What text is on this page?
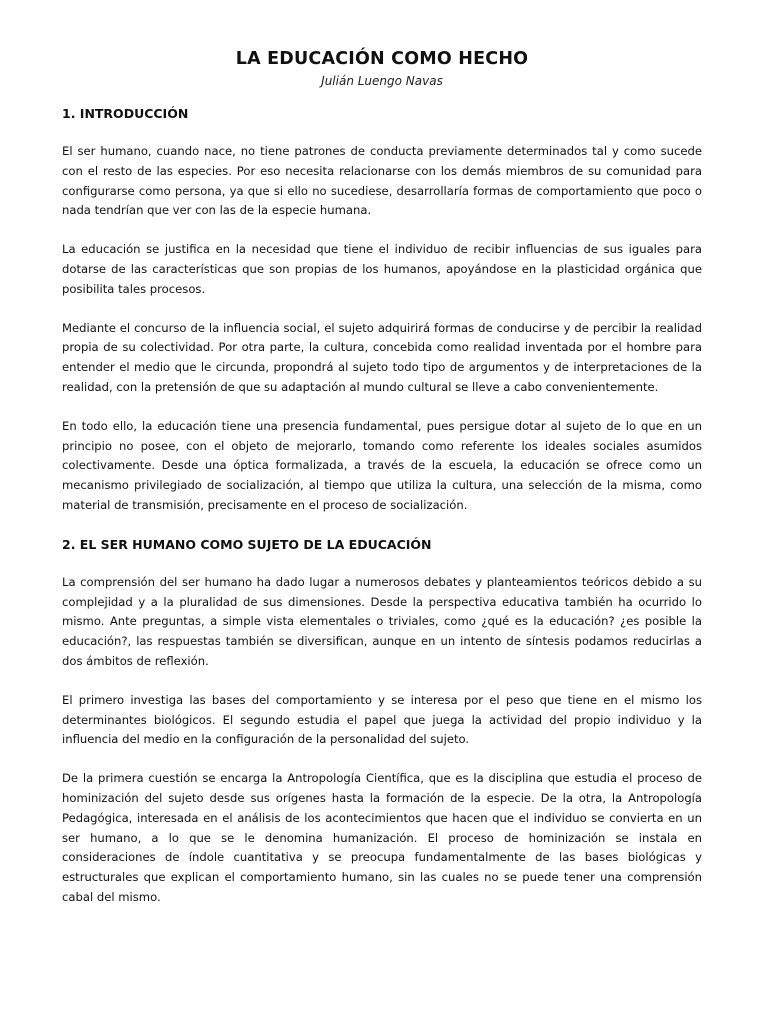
LA EDUCACIÓN COMO HECHO

Julián Luengo Navas

1. INTRODUCCIÓN

El ser humano, cuando nace, no tiene patrones de conducta previamente determinados tal y como sucede con el resto de las especies. Por eso necesita relacionarse con los demás miembros de su comunidad para configurarse como persona, ya que si ello no sucediese, desarrollaría formas de comportamiento que poco o nada tendrían que ver con las de la especie humana.

La educación se justifica en la necesidad que tiene el individuo de recibir influencias de sus iguales para dotarse de las características que son propias de los humanos, apoyándose en la plasticidad orgánica que posibilita tales procesos.

Mediante el concurso de la influencia social, el sujeto adquirirá formas de conducirse y de percibir la realidad propia de su colectividad. Por otra parte, la cultura, concebida como realidad inventada por el hombre para entender el medio que le circunda, propondrá al sujeto todo tipo de argumentos y de interpretaciones de la realidad, con la pretensión de que su adaptación al mundo cultural se lleve a cabo convenientemente.

En todo ello, la educación tiene una presencia fundamental, pues persigue dotar al sujeto de lo que en un principio no posee, con el objeto de mejorarlo, tomando como referente los ideales sociales asumidos colectivamente. Desde una óptica formalizada, a través de la escuela, la educación se ofrece como un mecanismo privilegiado de socialización, al tiempo que utiliza la cultura, una selección de la misma, como material de transmisión, precisamente en el proceso de socialización.

2. EL SER HUMANO COMO SUJETO DE LA EDUCACIÓN

La comprensión del ser humano ha dado lugar a numerosos debates y planteamientos teóricos debido a su complejidad y a la pluralidad de sus dimensiones. Desde la perspectiva educativa también ha ocurrido lo mismo. Ante preguntas, a simple vista elementales o triviales, como ¿qué es la educación? ¿es posible la educación?, las respuestas también se diversifican, aunque en un intento de síntesis podamos reducirlas a dos ámbitos de reflexión.

El primero investiga las bases del comportamiento y se interesa por el peso que tiene en el mismo los determinantes biológicos. El segundo estudia el papel que juega la actividad del propio individuo y la influencia del medio en la configuración de la personalidad del sujeto.

De la primera cuestión se encarga la Antropología Científica, que es la disciplina que estudia el proceso de hominización del sujeto desde sus orígenes hasta la formación de la especie. De la otra, la Antropología Pedagógica, interesada en el análisis de los acontecimientos que hacen que el individuo se convierta en un ser humano, a lo que se le denomina humanización. El proceso de hominización se instala en consideraciones de índole cuantitativa y se preocupa fundamentalmente de las bases biológicas y estructurales que explican el comportamiento humano, sin las cuales no se puede tener una comprensión cabal del mismo.
